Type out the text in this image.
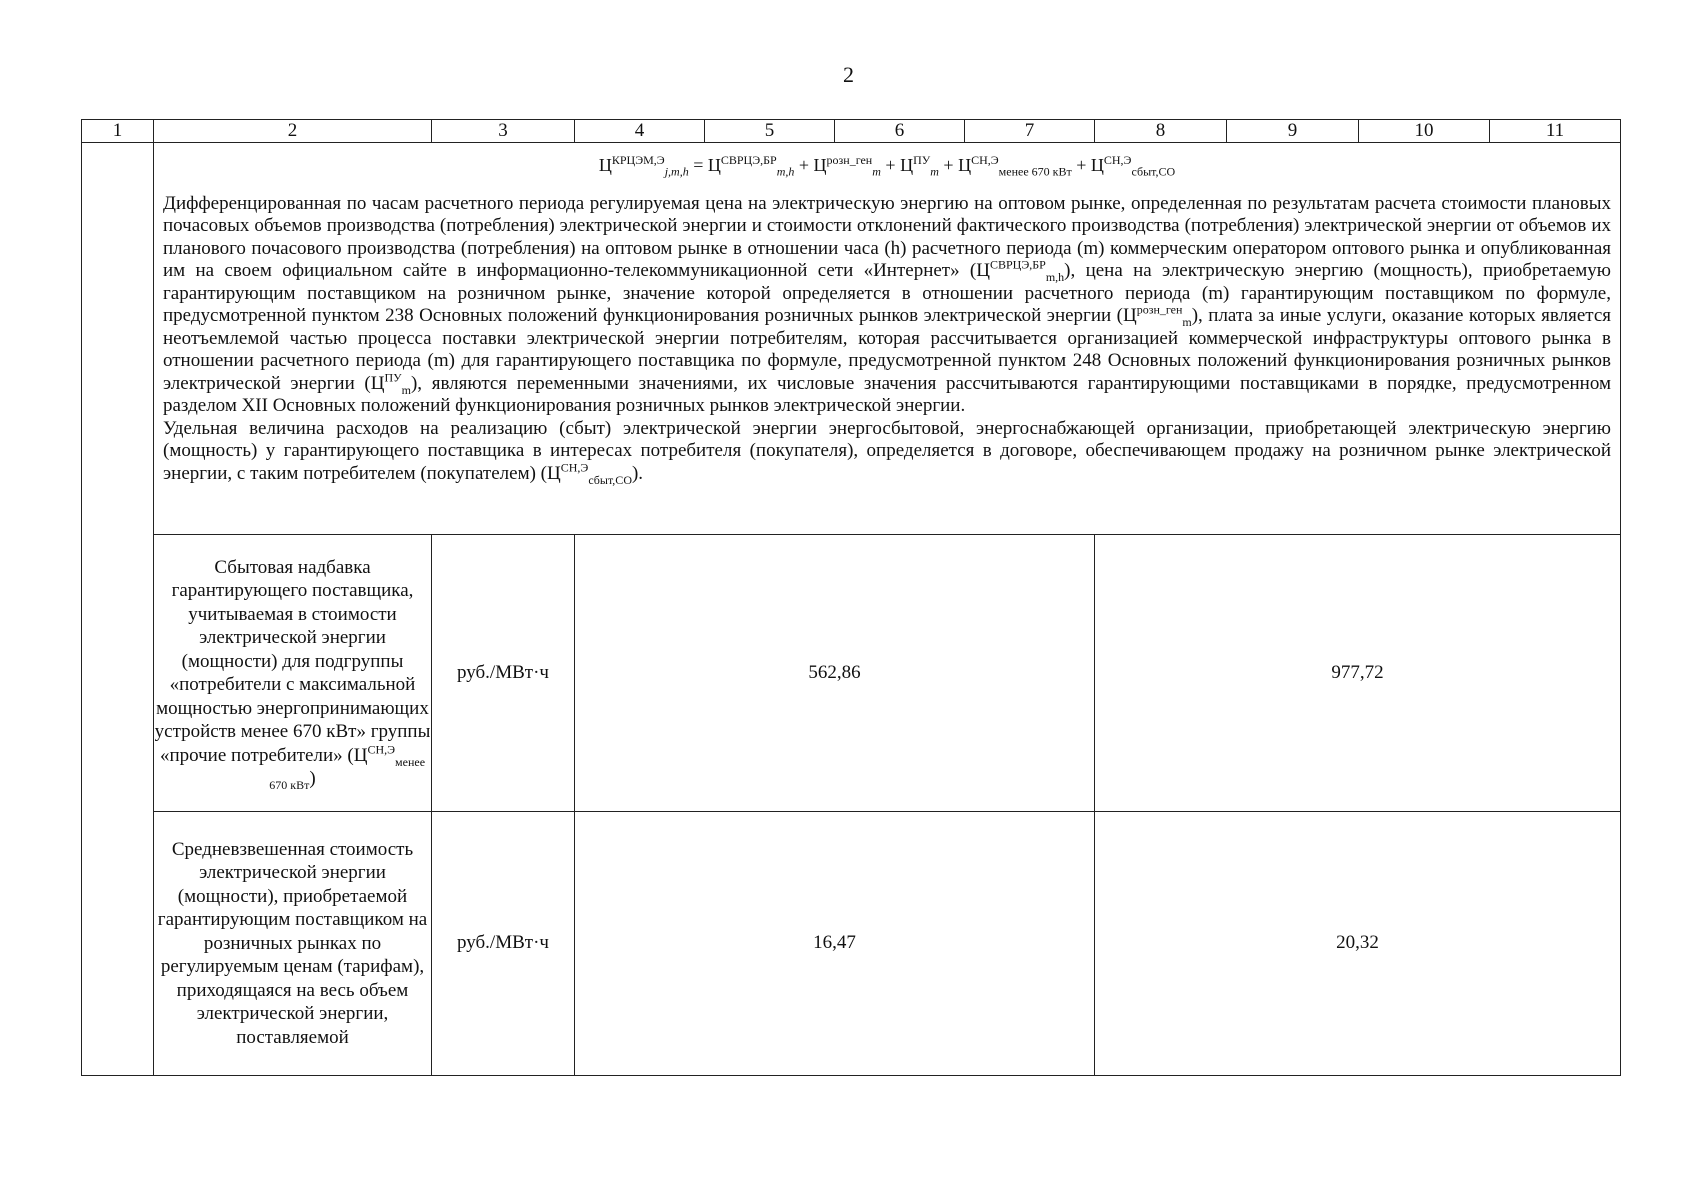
2
1	2	3	4	5	6	7	8	9	10	11

	$Ц^{КРЦЭМ,Э}_{j,m,h} = Ц^{СВРЦЭ,БР}_{m,h} + Ц^{розн\_ген}_m + Ц^{ПУ}_m + Ц^{СН,Э}_{менее 670 кВт} + Ц^{СН,Э}_{сбыт,СО}$

Дифференцированная по часам расчетного периода регулируемая цена на электрическую энергию на оптовом рынке, определенная по результатам расчета стоимости плановых почасовых объемов производства (потребления) электрической энергии и стоимости отклонений фактического производства (потребления) электрической энергии от объемов их планового почасового производства (потребления) на оптовом рынке в отношении часа (h) расчетного периода (m) коммерческим оператором оптового рынка и опубликованная им на своем официальном сайте в информационно-телекоммуникационной сети «Интернет» $(Ц^{СВРЦЭ,БР}_{m,h})$, цена на электрическую энергию (мощность), приобретаемую гарантирующим поставщиком на розничном рынке, значение которой определяется в отношении расчетного периода (m) гарантирующим поставщиком по формуле, предусмотренной пунктом 238 Основных положений функционирования розничных рынков электрической энергии $(Ц^{розн\_ген}_m)$, плата за иные услуги, оказание которых является неотъемлемой частью процесса поставки электрической энергии потребителям, которая рассчитывается организацией коммерческой инфраструктуры оптового рынка в отношении расчетного периода (m) для гарантирующего поставщика по формуле, предусмотренной пунктом 248 Основных положений функционирования розничных рынков электрической энергии $(Ц^{ПУ}_m)$, являются переменными значениями, их числовые значения рассчитываются гарантирующими поставщиками в порядке, предусмотренном разделом XII Основных положений функционирования розничных рынков электрической энергии.

Удельная величина расходов на реализацию (сбыт) электрической энергии энергосбытовой, энергоснабжающей организации, приобретающей электрическую энергию (мощность) у гарантирующего поставщика в интересах потребителя (покупателя), определяется в договоре, обеспечивающем продажу на розничном рынке электрической энергии, с таким потребителем (покупателем) $(Ц^{СН,Э}_{сбыт,СО})$.									

	Сбытовая надбавка гарантирующего поставщика, учитываемая в стоимости электрической энергии (мощности) для подгруппы «потребители с максимальной мощностью энергопринимающих устройств менее 670 кВт» группы «прочие потребители» $(Ц^{СН,Э}_{менее 670 кВт})$	руб./МВт·ч	562,86				977,72			
	Средневзвешенная стоимость электрической энергии (мощности), приобретаемой гарантирующим поставщиком на розничных рынках по регулируемым ценам (тарифам), приходящаяся на весь объем электрической энергии, поставляемой	руб./МВт·ч	16,47				20,32			
